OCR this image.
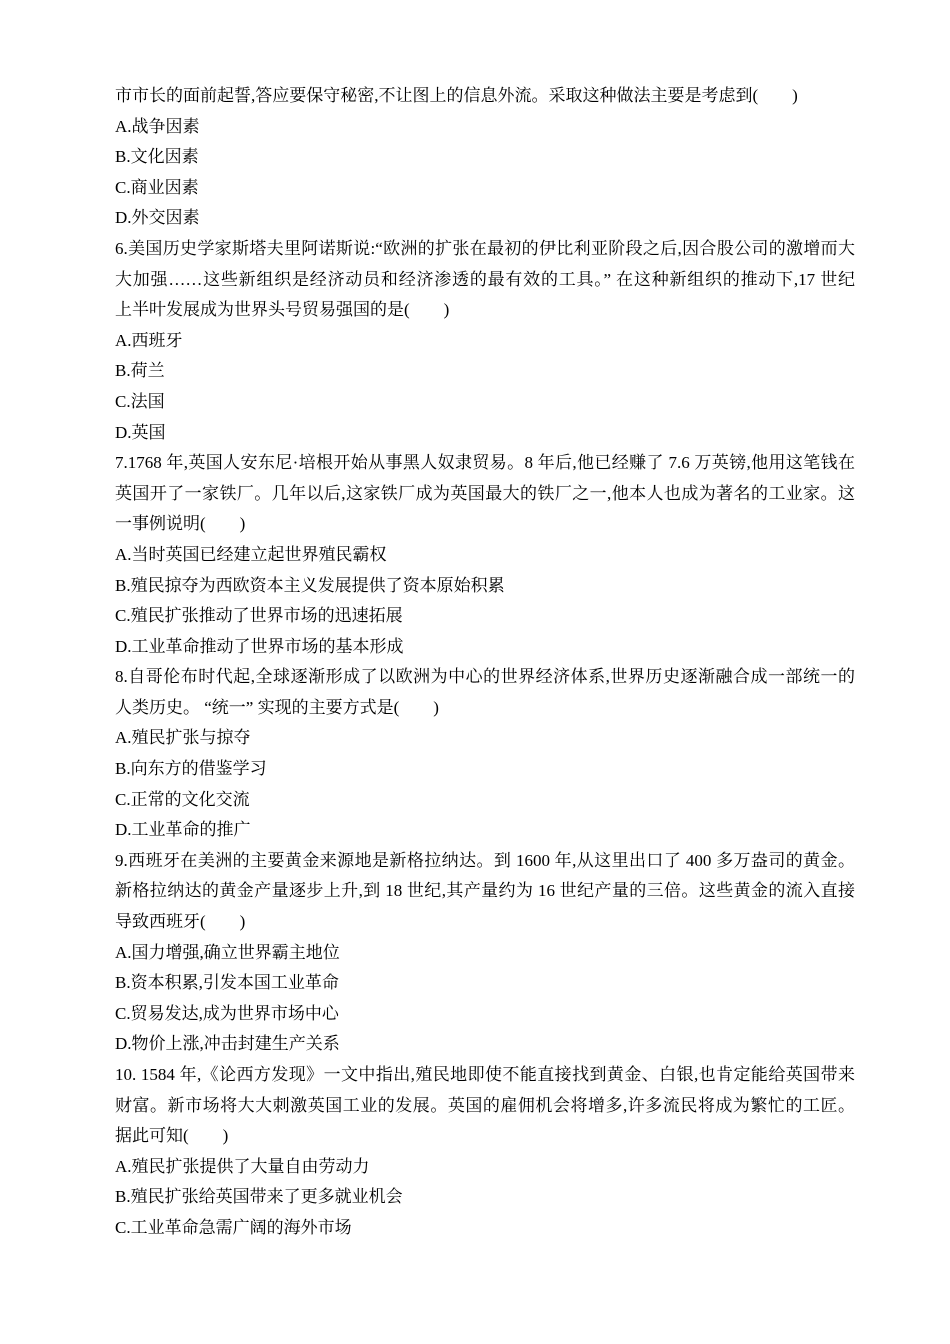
市市长的面前起誓,答应要保守秘密,不让图上的信息外流。采取这种做法主要是考虑到(　　)
A.战争因素
B.文化因素
C.商业因素
D.外交因素
6.美国历史学家斯塔夫里阿诺斯说:“欧洲的扩张在最初的伊比利亚阶段之后,因合股公司的激增而大
大加强……这些新组织是经济动员和经济渗透的最有效的工具。” 在这种新组织的推动下,17 世纪
上半叶发展成为世界头号贸易强国的是(　　)
A.西班牙
B.荷兰
C.法国
D.英国
7.1768 年,英国人安东尼·培根开始从事黑人奴隶贸易。8 年后,他已经赚了 7.6 万英镑,他用这笔钱在
英国开了一家铁厂。几年以后,这家铁厂成为英国最大的铁厂之一,他本人也成为著名的工业家。这
一事例说明(　　)
A.当时英国已经建立起世界殖民霸权
B.殖民掠夺为西欧资本主义发展提供了资本原始积累
C.殖民扩张推动了世界市场的迅速拓展
D.工业革命推动了世界市场的基本形成
8.自哥伦布时代起,全球逐渐形成了以欧洲为中心的世界经济体系,世界历史逐渐融合成一部统一的
人类历史。 “统一” 实现的主要方式是(　　)
A.殖民扩张与掠夺
B.向东方的借鉴学习
C.正常的文化交流
D.工业革命的推广
9.西班牙在美洲的主要黄金来源地是新格拉纳达。到 1600 年,从这里出口了 400 多万盎司的黄金。
新格拉纳达的黄金产量逐步上升,到 18 世纪,其产量约为 16 世纪产量的三倍。这些黄金的流入直接
导致西班牙(　　)
A.国力增强,确立世界霸主地位
B.资本积累,引发本国工业革命
C.贸易发达,成为世界市场中心
D.物价上涨,冲击封建生产关系
10. 1584 年,《论西方发现》一文中指出,殖民地即使不能直接找到黄金、白银,也肯定能给英国带来
财富。新市场将大大刺激英国工业的发展。英国的雇佣机会将增多,许多流民将成为繁忙的工匠。
据此可知(　　)
A.殖民扩张提供了大量自由劳动力
B.殖民扩张给英国带来了更多就业机会
C.工业革命急需广阔的海外市场
